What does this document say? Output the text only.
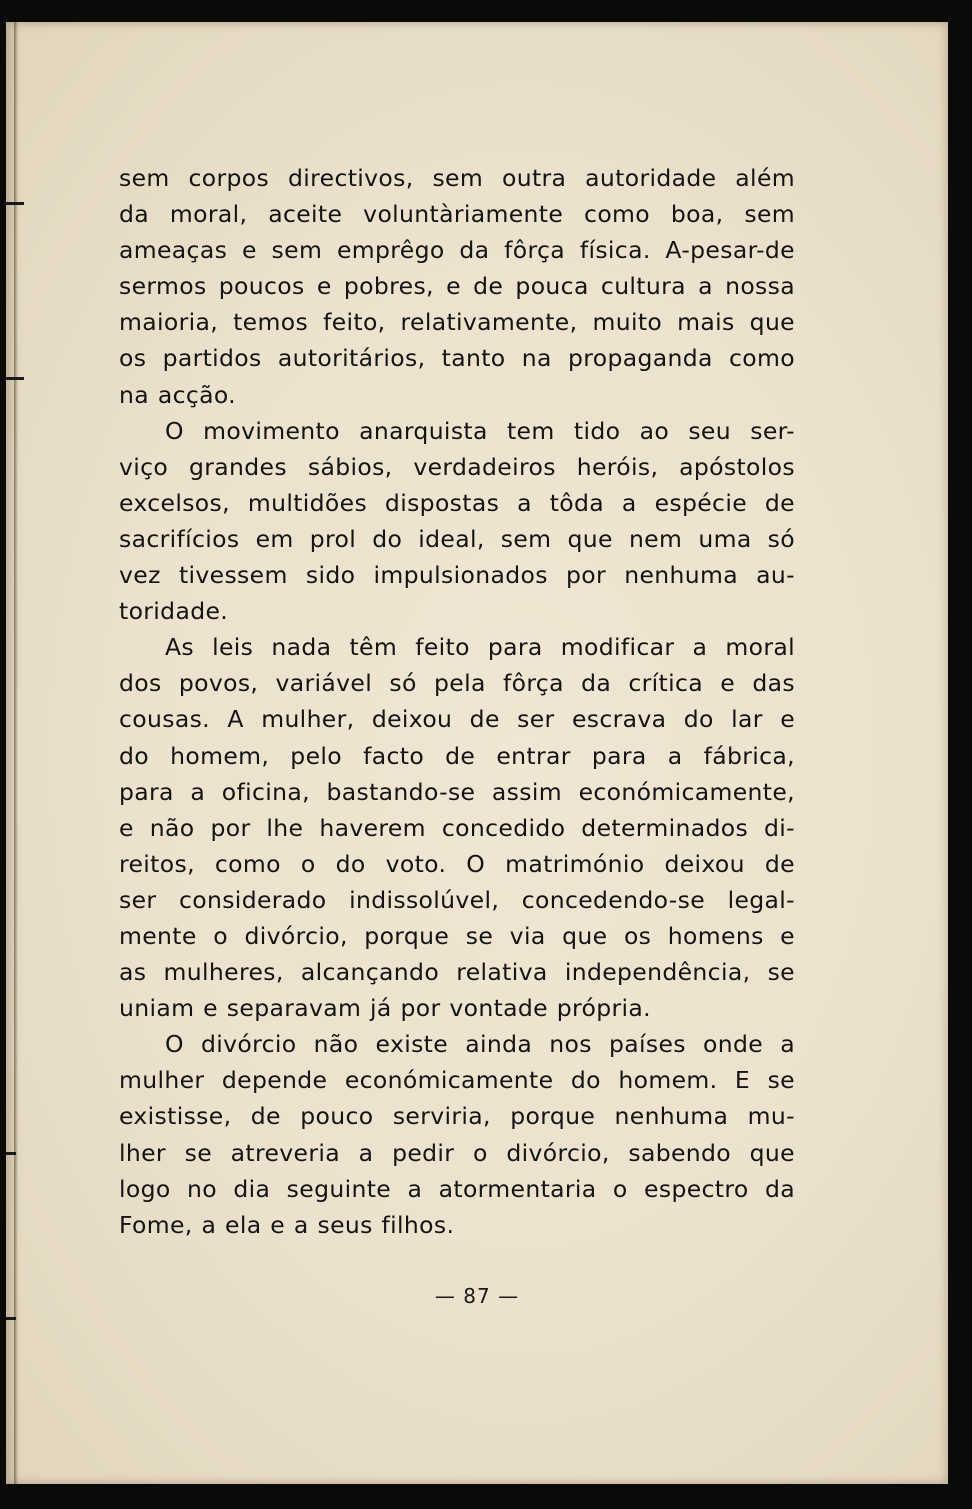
sem corpos directivos, sem outra autoridade além
da moral, aceite voluntàriamente como boa, sem
ameaças e sem emprêgo da fôrça física. A-pesar-de
sermos poucos e pobres, e de pouca cultura a nossa
maioria, temos feito, relativamente, muito mais que
os partidos autoritários, tanto na propaganda como
na acção.
O movimento anarquista tem tido ao seu ser-
viço grandes sábios, verdadeiros heróis, apóstolos
excelsos, multidões dispostas a tôda a espécie de
sacrifícios em prol do ideal, sem que nem uma só
vez tivessem sido impulsionados por nenhuma au-
toridade.
As leis nada têm feito para modificar a moral
dos povos, variável só pela fôrça da crítica e das
cousas. A mulher, deixou de ser escrava do lar e
do homem, pelo facto de entrar para a fábrica,
para a oficina, bastando-se assim económicamente,
e não por lhe haverem concedido determinados di-
reitos, como o do voto. O matrimónio deixou de
ser considerado indissolúvel, concedendo-se legal-
mente o divórcio, porque se via que os homens e
as mulheres, alcançando relativa independência, se
uniam e separavam já por vontade própria.
O divórcio não existe ainda nos países onde a
mulher depende económicamente do homem. E se
existisse, de pouco serviria, porque nenhuma mu-
lher se atreveria a pedir o divórcio, sabendo que
logo no dia seguinte a atormentaria o espectro da
Fome, a ela e a seus filhos.
— 87 —
